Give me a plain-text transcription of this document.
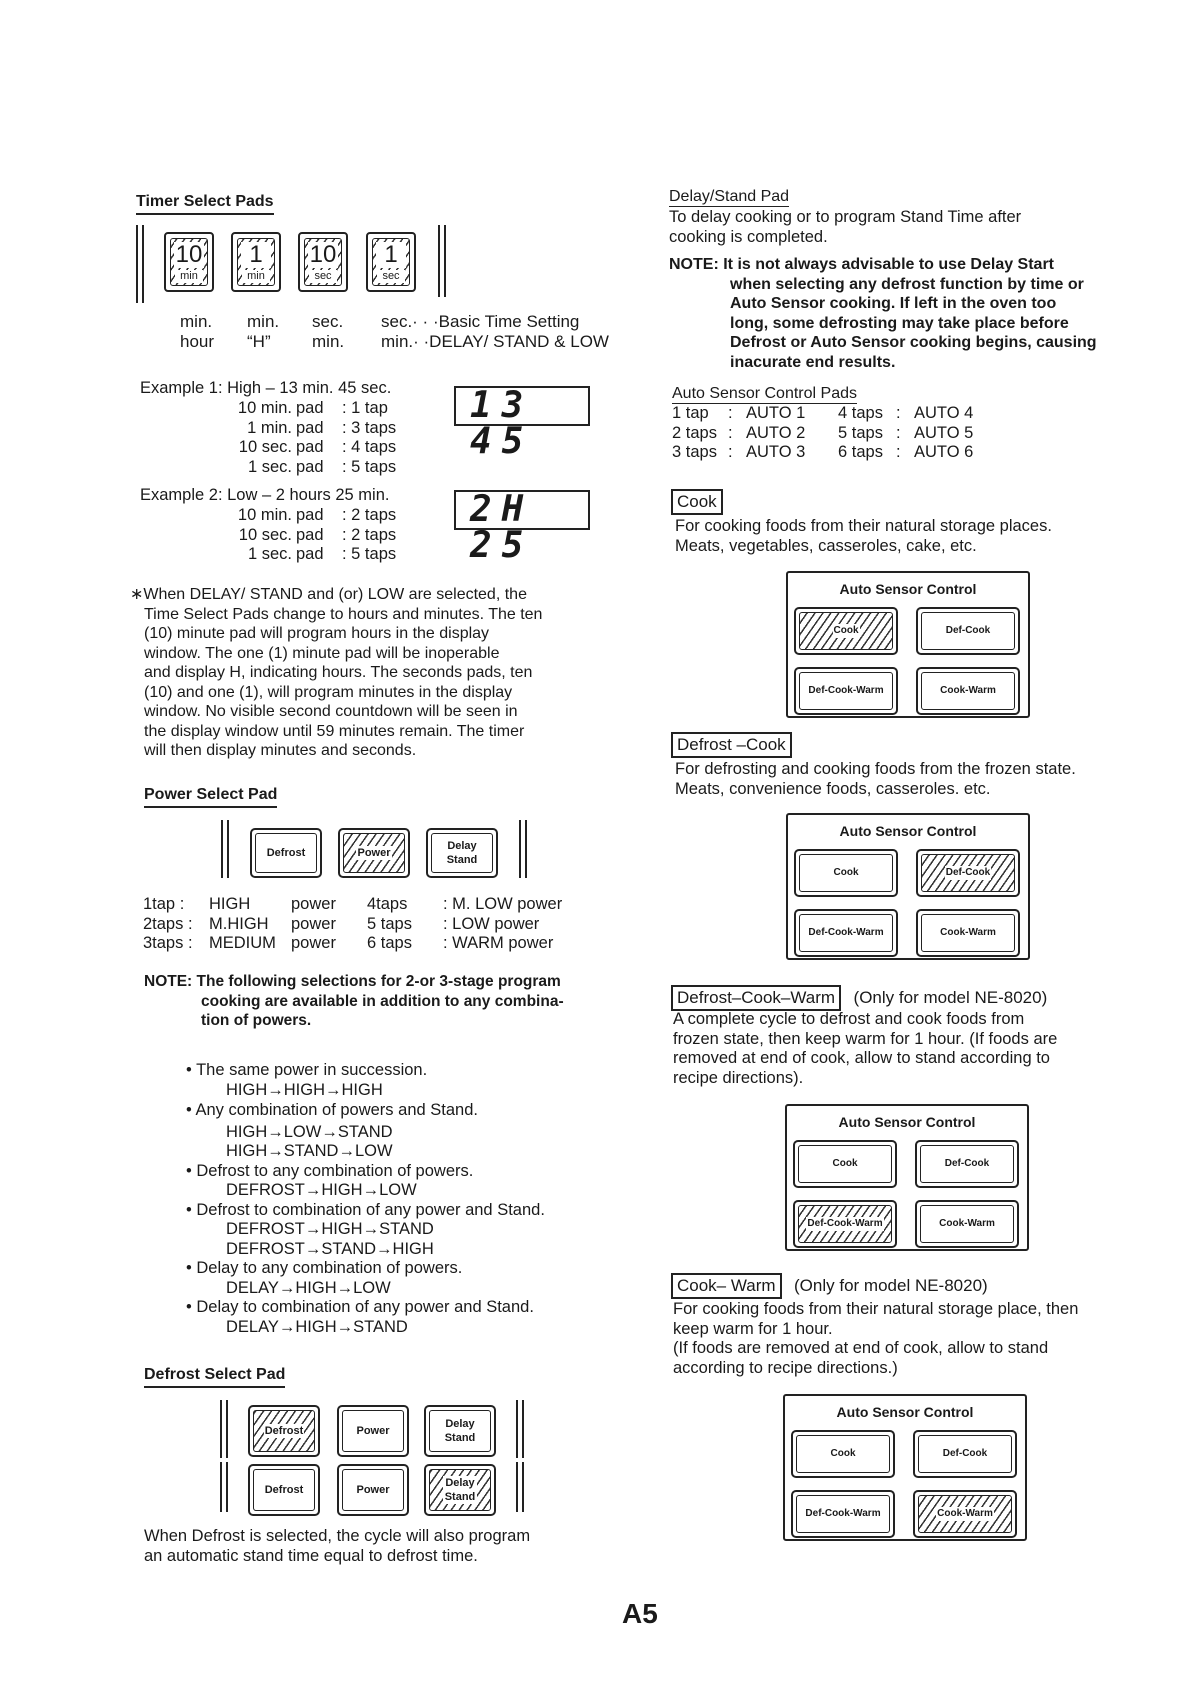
Timer Select Pads
10
min
1
min
10
sec
1
sec
min. min. sec. sec.· · ·Basic Time Setting
hour “H” min. min.· ·DELAY/ STAND & LOW
Example 1: High – 13 min. 45 sec.
10 min.	pad	: 1 tap
1 min.	pad	: 3 taps
10 sec.	pad	: 4 taps
1 sec.	pad	: 5 taps
13 45
Example 2: Low – 2 hours 25 min.
10 min.	pad	: 2 taps
10 sec.	pad	: 2 taps
1 sec.	pad	: 5 taps
2H 25
∗When DELAY/ STAND and (or) LOW are selected, the
Time Select Pads change to hours and minutes. The ten
(10) minute pad will program hours in the display
window. The one (1) minute pad will be inoperable
and display H, indicating hours. The seconds pads, ten
(10) and one (1), will program minutes in the display
window. No visible second countdown will be seen in
the display window until 59 minutes remain. The timer
will then display minutes and seconds.
Power Select Pad
Defrost	Power
Delay
Stand
1tap :	HIGH	power	4taps	: M. LOW power
2taps :	M.HIGH	power	5 taps	: LOW power
3taps :	MEDIUM	power	6 taps	: WARM power
NOTE: The following selections for 2-or 3-stage program
cooking are available in addition to any combina-
tion of powers.
• The same power in succession.
HIGH→HIGH→HIGH
• Any combination of powers and Stand.
HIGH→LOW→STAND
HIGH→STAND→LOW
• Defrost to any combination of powers.
DEFROST→HIGH→LOW
• Defrost to combination of any power and Stand.
DEFROST→HIGH→STAND
DEFROST→STAND→HIGH
• Delay to any combination of powers.
DELAY→HIGH→LOW
• Delay to combination of any power and Stand.
DELAY→HIGH→STAND
Defrost Select Pad
Defrost	Power
Delay
Stand
Defrost	Power
Delay
Stand
When Defrost is selected, the cycle will also program
an automatic stand time equal to defrost time.
Delay/Stand Pad
To delay cooking or to program Stand Time after
cooking is completed.
NOTE: It is not always advisable to use Delay Start
when selecting any defrost function by time or
Auto Sensor cooking. If left in the oven too
long, some defrosting may take place before
Defrost or Auto Sensor cooking begins, causing
inacurate end results.
Auto Sensor Control Pads
1 tap	:	AUTO 1	4 taps	:	AUTO 4
2 taps	:	AUTO 2	5 taps	:	AUTO 5
3 taps	:	AUTO 3	6 taps	:	AUTO 6
Cook
For cooking foods from their natural storage places.
Meats, vegetables, casseroles, cake, etc.
Auto Sensor Control
Cook	Def-Cook
Def-Cook-Warm	Cook-Warm
Defrost –Cook
For defrosting and cooking foods from the frozen state.
Meats, convenience foods, casseroles. etc.
Auto Sensor Control
Cook	Def-Cook
Def-Cook-Warm	Cook-Warm
Defrost–Cook–Warm (Only for model NE-8020)
A complete cycle to defrost and cook foods from
frozen state, then keep warm for 1 hour. (If foods are
removed at end of cook, allow to stand according to
recipe directions).
Auto Sensor Control
Cook	Def-Cook
Def-Cook-Warm	Cook-Warm
Cook– Warm (Only for model NE-8020)
For cooking foods from their natural storage place, then
keep warm for 1 hour.
(If foods are removed at end of cook, allow to stand
according to recipe directions.)
Auto Sensor Control
Cook	Def-Cook
Def-Cook-Warm	Cook-Warm
A5
